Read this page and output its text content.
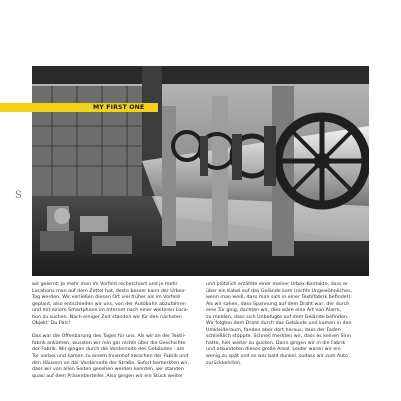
MY FIRST ONE
S

wir gelernt: Je mehr man im Vorfeld recherchiert und je mehr
Locations man auf dem Zettel hat, desto besser kann der Urbex-
Tag werden. Wir verließen diesen Ort viel früher als im Vorfeld
geplant, also entschieden wir uns, von der Autobahn abzufahren
und mit einem Smartphone im Internet nach einer weiteren Loca-
tion zu suchen. Nach einiger Zeit standen wir für den nächsten
Objekt: Du Parc!

Das war die Offenbarung des Tages für uns. Als wir an der Textil-
fabrik ankamen, wussten wir rein gar nichts über die Geschichte
der Fabrik. Wir gingen durch die Vorderseite des Gebäudes - am
Tor vorbei und kamen zu einem Innenhof zwischen der Fabrik und
den Häusern an der Vorderseite der Straße. Sofort bemerkten wir,
dass wir von allen Seiten gesehen werden konnten, wir standen
quasi auf dem Präsentierteller. Also gingen wir ein Stück weiter

und plötzlich erzählte einer meiner Urbex-Kontakte, dass er
über ein Kabel auf das Gelände kam (nichts Ungewöhnliches,
wenn man weiß, dass man sich in einer Textilfabrik befindet).
Als wir sahen, dass Spannung auf dem Draht war, der durch
eine Tür ging, dachten wir, dies wäre eine Art von Alarm,
zu melden, dass sich Unbefugte auf dem Gelände befinden.
Wir folgten dem Draht durch das Gebäude und kamen in den
Umkleideraum, fanden aber dort heraus, dass der Faden
schließlich stoppte. Schnell merkten wir, dass es keinen Sinn
hatte, hier weiter zu gucken. Dann gingen wir in die Fabrik
und erkundeten dieses große Areal. Leider waren wir ein
wenig zu spät und es war bald dunkel, sodass wir zum Auto
zurückkehrten.
